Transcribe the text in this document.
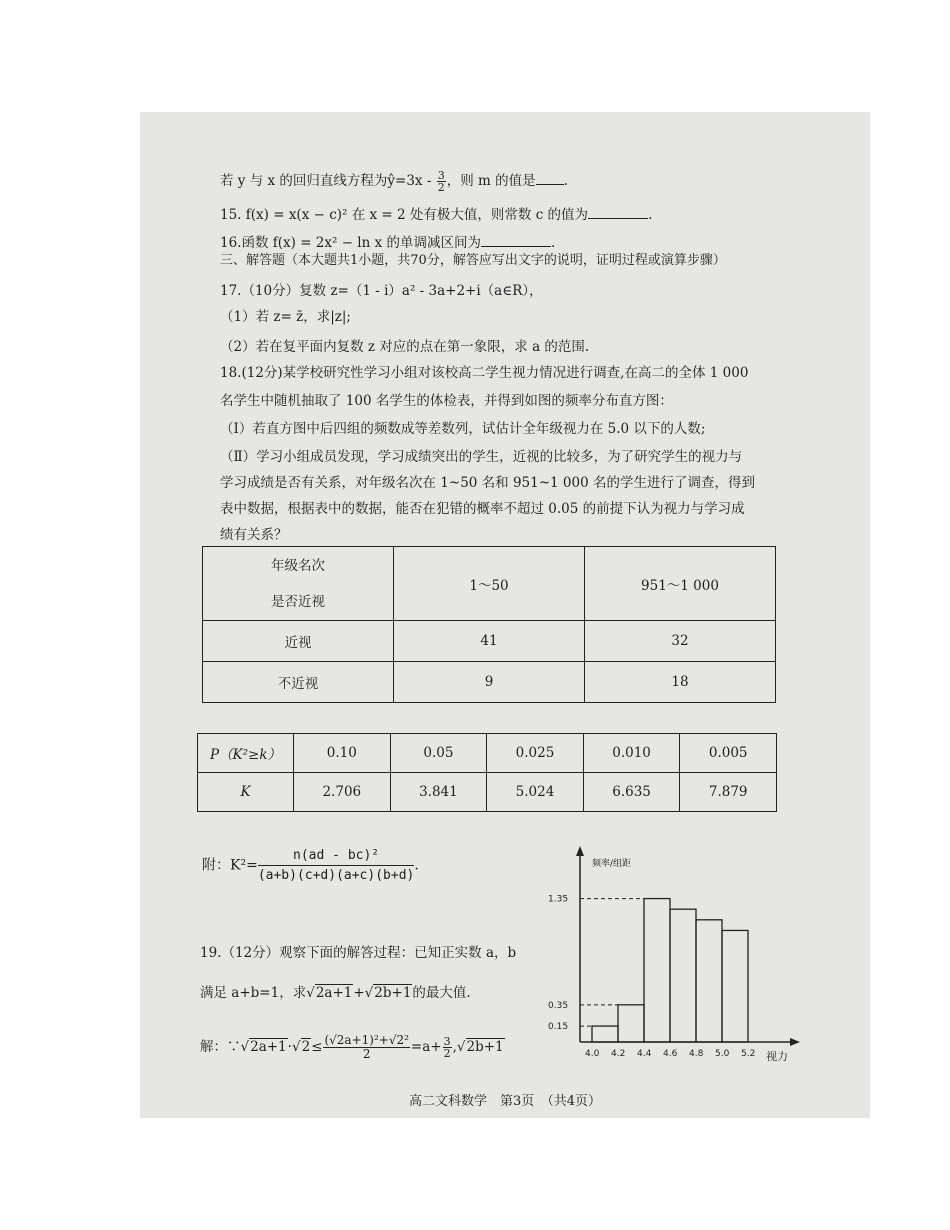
若 y 与 x 的回归直线方程为ŷ=3x - $\frac{3}{2}$ ，则 m 的值是 .
15. f(x) = x(x − c)² 在 x = 2 处有极大值，则常数 c 的值为	.
16.函数 f(x) = 2x² − ln x 的单调减区间为	.
三、解答题（本大题共1小题，共70分，解答应写出文字的说明，证明过程或演算步骤）
17.（10分）复数 z=（1 - i）a² - 3a+2+i（a∈R），
（1）若 z= z̄，求|z|;
（2）若在复平面内复数 z 对应的点在第一象限，求 a 的范围.
18.(12分)某学校研究性学习小组对该校高二学生视力情况进行调查,在高二的全体 1 000
名学生中随机抽取了 100 名学生的体检表，并得到如图的频率分布直方图：
（Ⅰ）若直方图中后四组的频数成等差数列，试估计全年级视力在 5.0 以下的人数;
（Ⅱ）学习小组成员发现，学习成绩突出的学生，近视的比较多，为了研究学生的视力与
学习成绩是否有关系，对年级名次在 1~50 名和 951~1 000 名的学生进行了调查，得到
表中数据，根据表中的数据，能否在犯错的概率不超过 0.05 的前提下认为视力与学习成
绩有关系？
年级名次
是否近视	1～50	951～1 000
近视	41	32
不近视	9	18
P（K²≥k）	0.10	0.05	0.025	0.010	0.005
K	2.706	3.841	5.024	6.635	7.879
附：$K^2= \frac{\text{n(ad - bc)²}}{(a+b)(c+d)(a+c)(b+d)}$ .
19.（12分）观察下面的解答过程：已知正实数 a，b
满足 a+b=1，求√2a+1+√2b+1的最大值.
解：∵√2a+1·√2≤ $\frac{\text{(√2a+1)²+√2²}}{2} =a+ \frac{3}{2} ,√2b+1$
频率/组距
视力
0.15
0.35
1.35
4.0 4.2 4.4 4.6 4.8 5.0 5.2
高二文科数学　第3页　（共4页）
